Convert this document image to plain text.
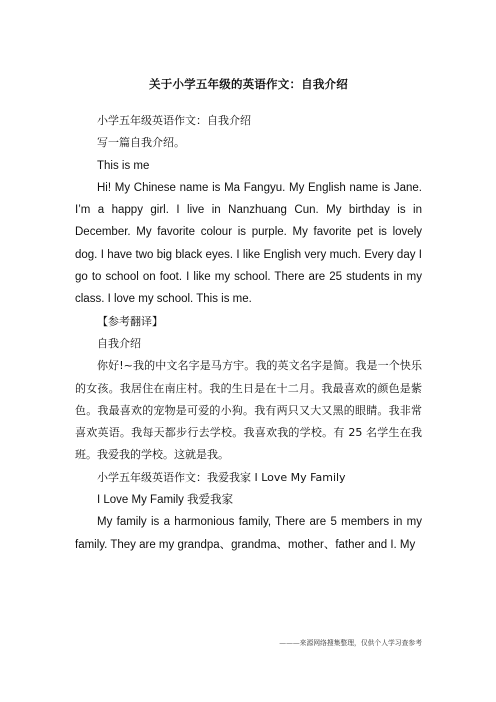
关于小学五年级的英语作文：自我介绍

小学五年级英语作文：自我介绍

写一篇自我介绍。

This is me

Hi! My Chinese name is Ma Fangyu. My English name is Jane. I’m a happy girl. I live in Nanzhuang Cun. My birthday is in December. My favorite colour is purple. My favorite pet is lovely dog. I have two big black eyes. I like English very much. Every day I go to school on foot. I like my school. There are 25 students in my class. I love my school. This is me.

【参考翻译】

自我介绍

你好!~我的中文名字是马方宇。我的英文名字是简。我是一个快乐的女孩。我居住在南庄村。我的生日是在十二月。我最喜欢的颜色是紫色。我最喜欢的宠物是可爱的小狗。我有两只又大又黑的眼睛。我非常喜欢英语。我每天都步行去学校。我喜欢我的学校。有 25 名学生在我班。我爱我的学校。这就是我。

小学五年级英语作文：我爱我家 I Love My Family

I Love My Family 我爱我家

My family is a harmonious family, There are 5 members in my family. They are my grandpa、grandma、mother、father and I. My

———来源网络搜集整理，仅供个人学习查参考
